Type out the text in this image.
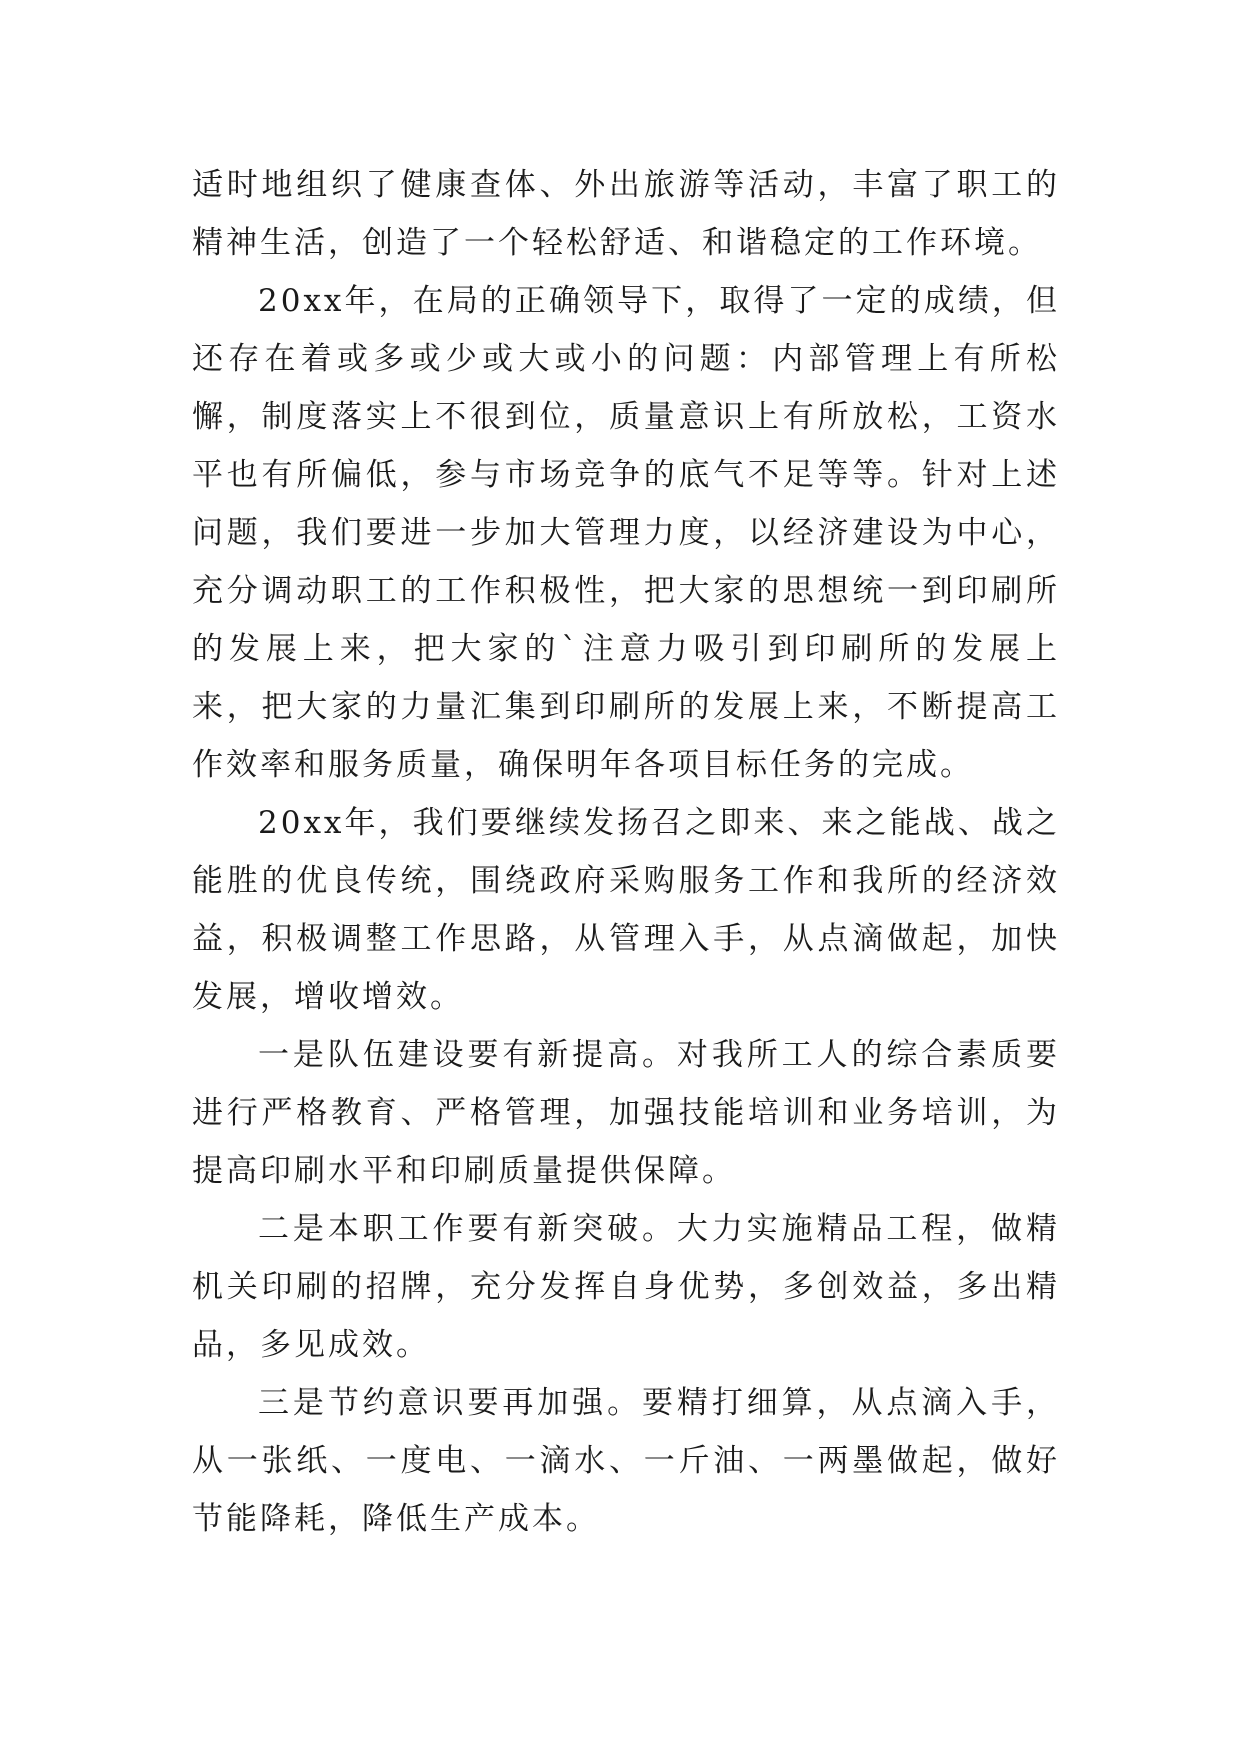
适时地组织了健康查体、外出旅游等活动，丰富了职工的精神生活，创造了一个轻松舒适、和谐稳定的工作环境。

20xx年，在局的正确领导下，取得了一定的成绩，但还存在着或多或少或大或小的问题：内部管理上有所松懈，制度落实上不很到位，质量意识上有所放松，工资水平也有所偏低，参与市场竞争的底气不足等等。针对上述问题，我们要进一步加大管理力度，以经济建设为中心，充分调动职工的工作积极性，把大家的思想统一到印刷所的发展上来，把大家的`注意力吸引到印刷所的发展上来，把大家的力量汇集到印刷所的发展上来，不断提高工作效率和服务质量，确保明年各项目标任务的完成。

20xx年，我们要继续发扬召之即来、来之能战、战之能胜的优良传统，围绕政府采购服务工作和我所的经济效益，积极调整工作思路，从管理入手，从点滴做起，加快发展，增收增效。

一是队伍建设要有新提高。对我所工人的综合素质要进行严格教育、严格管理，加强技能培训和业务培训，为提高印刷水平和印刷质量提供保障。

二是本职工作要有新突破。大力实施精品工程，做精机关印刷的招牌，充分发挥自身优势，多创效益，多出精品，多见成效。

三是节约意识要再加强。要精打细算，从点滴入手，从一张纸、一度电、一滴水、一斤油、一两墨做起，做好节能降耗，降低生产成本。
